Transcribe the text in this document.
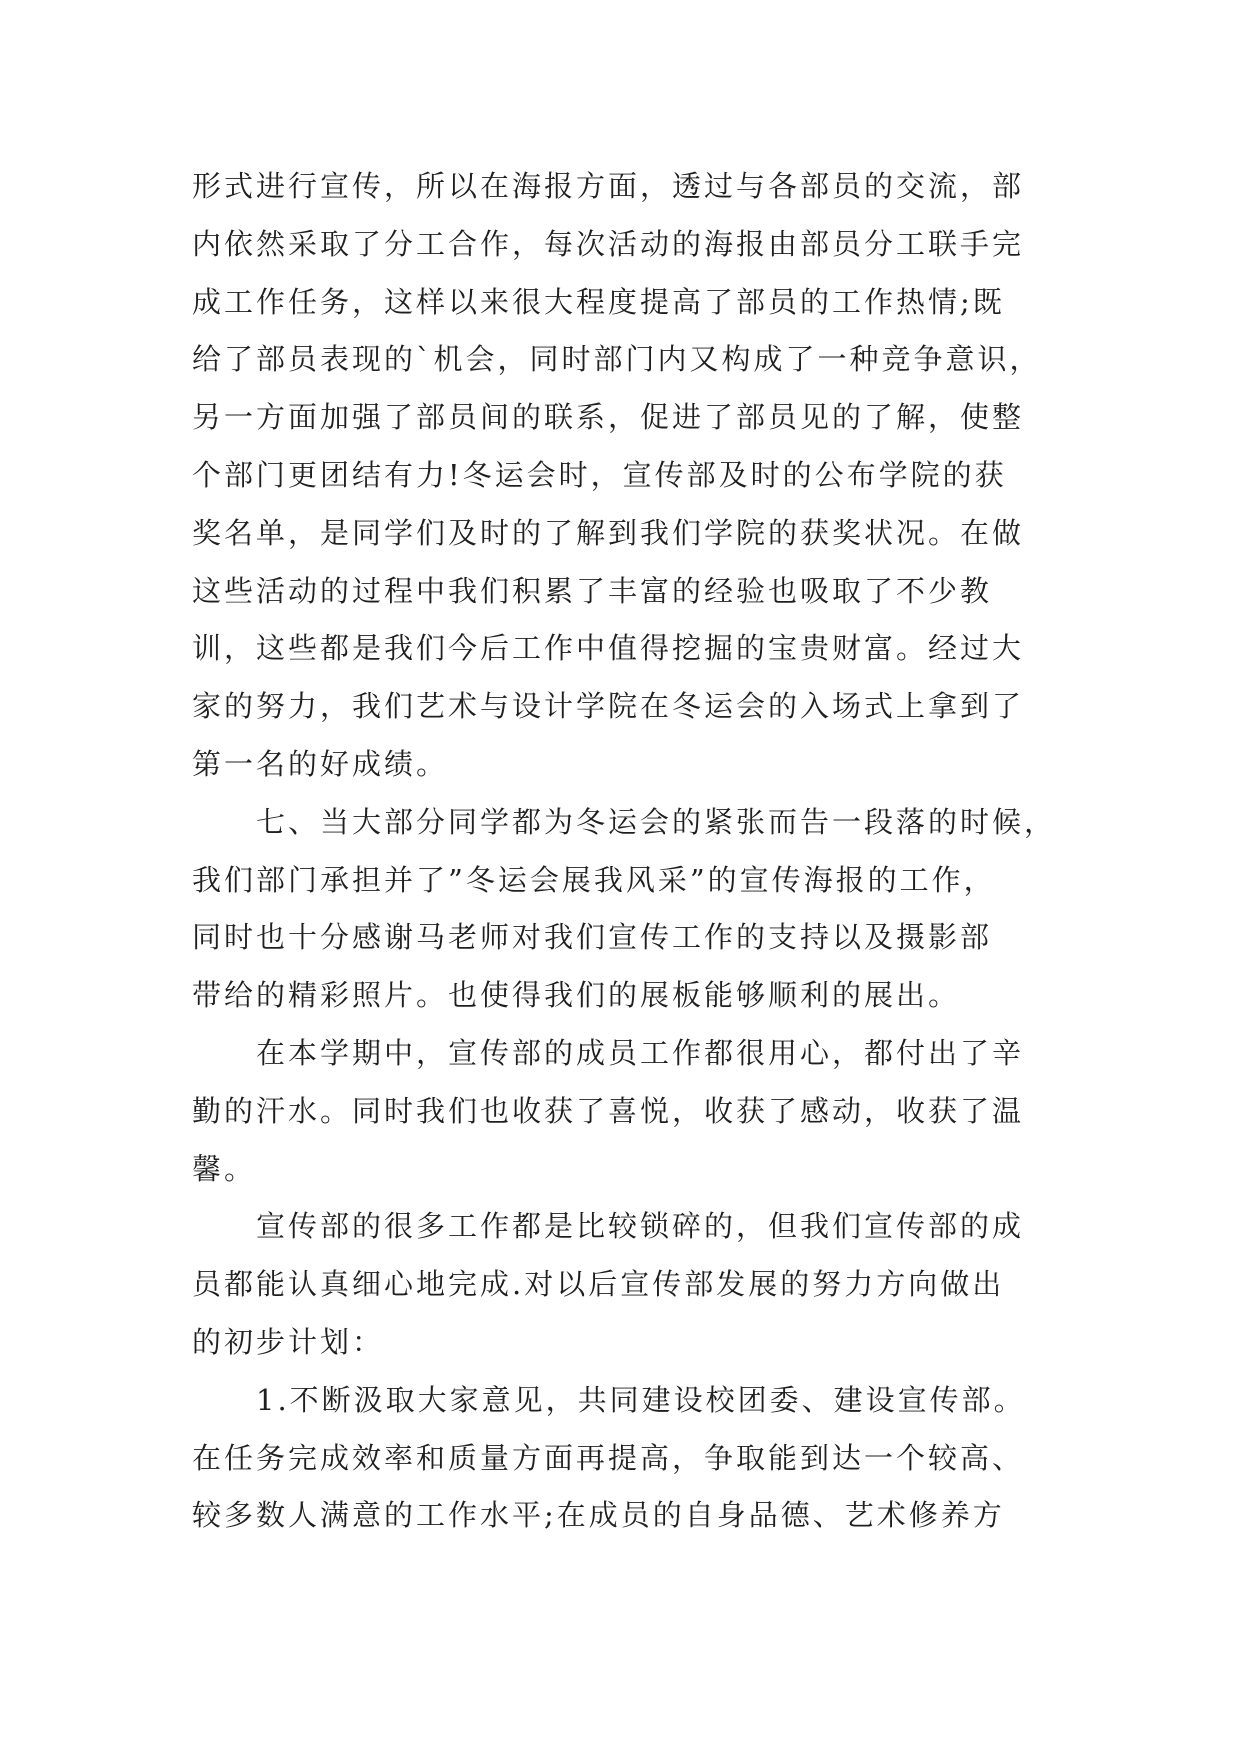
形式进行宣传，所以在海报方面，透过与各部员的交流，部
内依然采取了分工合作，每次活动的海报由部员分工联手完
成工作任务，这样以来很大程度提高了部员的工作热情;既
给了部员表现的`机会，同时部门内又构成了一种竞争意识，
另一方面加强了部员间的联系，促进了部员见的了解，使整
个部门更团结有力!冬运会时，宣传部及时的公布学院的获
奖名单，是同学们及时的了解到我们学院的获奖状况。在做
这些活动的过程中我们积累了丰富的经验也吸取了不少教
训，这些都是我们今后工作中值得挖掘的宝贵财富。经过大
家的努力，我们艺术与设计学院在冬运会的入场式上拿到了
第一名的好成绩。
七、当大部分同学都为冬运会的紧张而告一段落的时候，
我们部门承担并了”冬运会展我风采”的宣传海报的工作，
同时也十分感谢马老师对我们宣传工作的支持以及摄影部
带给的精彩照片。也使得我们的展板能够顺利的展出。
在本学期中，宣传部的成员工作都很用心，都付出了辛
勤的汗水。同时我们也收获了喜悦，收获了感动，收获了温
馨。
宣传部的很多工作都是比较锁碎的，但我们宣传部的成
员都能认真细心地完成.对以后宣传部发展的努力方向做出
的初步计划：
1.不断汲取大家意见，共同建设校团委、建设宣传部。
在任务完成效率和质量方面再提高，争取能到达一个较高、
较多数人满意的工作水平;在成员的自身品德、艺术修养方
